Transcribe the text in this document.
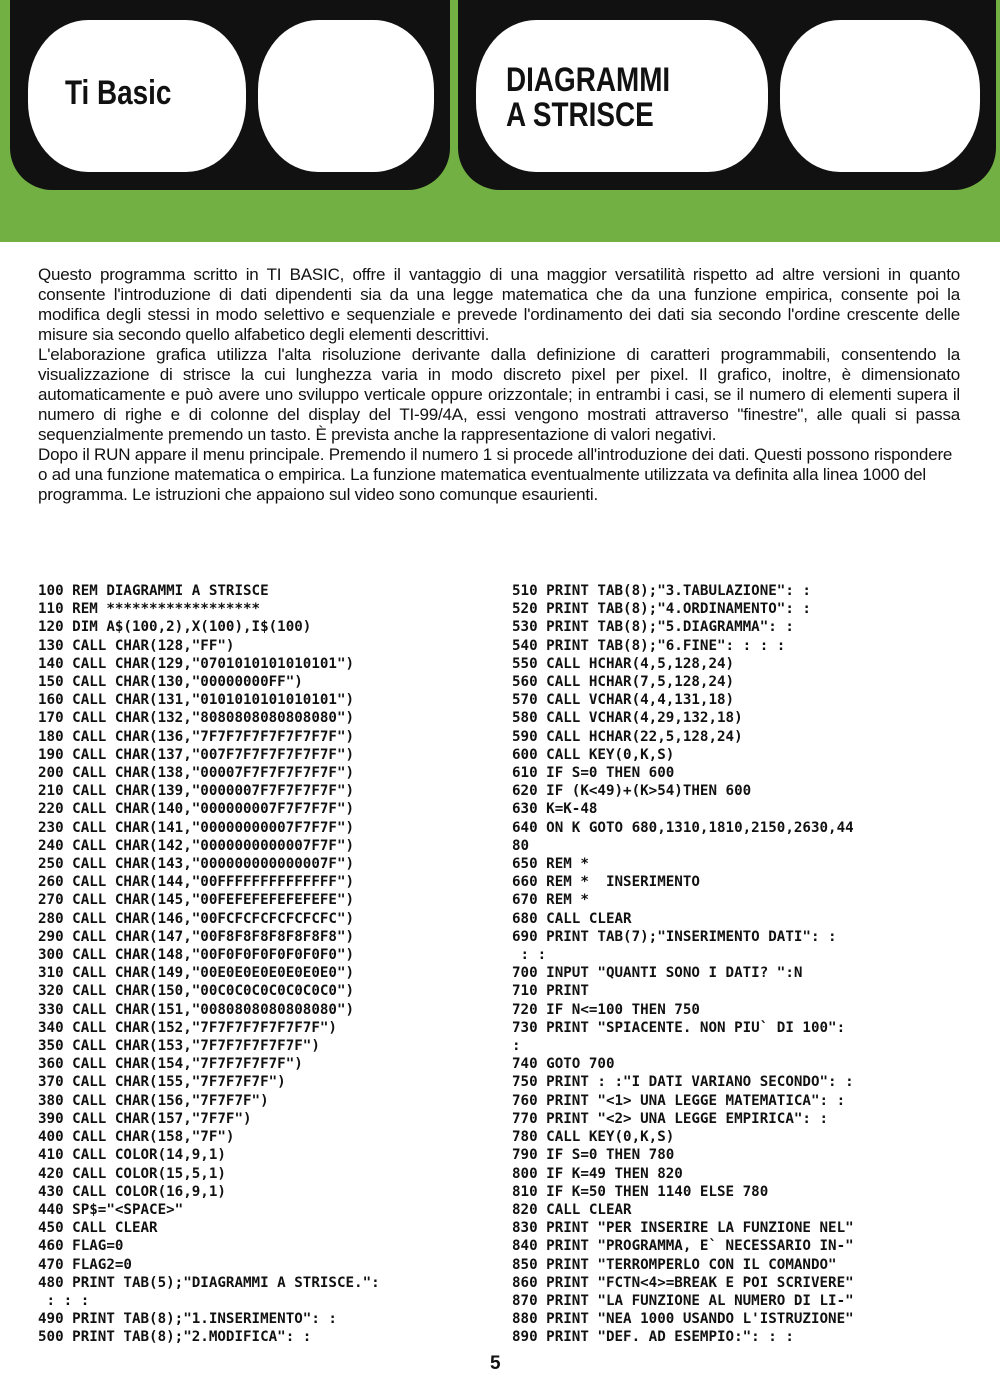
Ti Basic	DIAGRAMMI
A STRISCE

Questo programma scritto in TI BASIC, offre il vantaggio di una maggior versatilità rispetto ad altre versioni in quanto consente l'introduzione di dati dipendenti sia da una legge matematica che da una funzione empirica, consente poi la modifica degli stessi in modo selettivo e sequenziale e prevede l'ordinamento dei dati sia secondo l'ordine crescente delle misure sia secondo quello alfabetico degli elementi descrittivi.

L'elaborazione grafica utilizza l'alta risoluzione derivante dalla definizione di caratteri programmabili, consentendo la visualizzazione di strisce la cui lunghezza varia in modo discreto pixel per pixel. Il grafico, inoltre, è dimensionato automaticamente e può avere uno sviluppo verticale oppure orizzontale; in entrambi i casi, se il numero di elementi supera il numero di righe e di colonne del display del TI-99/4A, essi vengono mostrati attraverso "finestre", alle quali si passa sequenzialmente premendo un tasto. È prevista anche la rappresentazione di valori negativi.

Dopo il RUN appare il menu principale. Premendo il numero 1 si procede all'introduzione dei dati. Questi possono rispondere o ad una funzione matematica o empirica. La funzione matematica eventualmente utilizzata va definita alla linea 1000 del programma. Le istruzioni che appaiono sul video sono comunque esaurienti.

100 REM DIAGRAMMI A STRISCE
110 REM ******************
120 DIM A$(100,2),X(100),I$(100)
130 CALL CHAR(128,"FF")
140 CALL CHAR(129,"0701010101010101")
150 CALL CHAR(130,"00000000FF")
160 CALL CHAR(131,"0101010101010101")
170 CALL CHAR(132,"8080808080808080")
180 CALL CHAR(136,"7F7F7F7F7F7F7F7F")
190 CALL CHAR(137,"007F7F7F7F7F7F7F")
200 CALL CHAR(138,"00007F7F7F7F7F7F")
210 CALL CHAR(139,"0000007F7F7F7F7F")
220 CALL CHAR(140,"000000007F7F7F7F")
230 CALL CHAR(141,"00000000007F7F7F")
240 CALL CHAR(142,"0000000000007F7F")
250 CALL CHAR(143,"000000000000007F")
260 CALL CHAR(144,"00FFFFFFFFFFFFFF")
270 CALL CHAR(145,"00FEFEFEFEFEFEFE")
280 CALL CHAR(146,"00FCFCFCFCFCFCFC")
290 CALL CHAR(147,"00F8F8F8F8F8F8F8")
300 CALL CHAR(148,"00F0F0F0F0F0F0F0")
310 CALL CHAR(149,"00E0E0E0E0E0E0E0")
320 CALL CHAR(150,"00C0C0C0C0C0C0C0")
330 CALL CHAR(151,"0080808080808080")
340 CALL CHAR(152,"7F7F7F7F7F7F7F")
350 CALL CHAR(153,"7F7F7F7F7F7F")
360 CALL CHAR(154,"7F7F7F7F7F")
370 CALL CHAR(155,"7F7F7F7F")
380 CALL CHAR(156,"7F7F7F")
390 CALL CHAR(157,"7F7F")
400 CALL CHAR(158,"7F")
410 CALL COLOR(14,9,1)
420 CALL COLOR(15,5,1)
430 CALL COLOR(16,9,1)
440 SP$="<SPACE>"
450 CALL CLEAR
460 FLAG=0
470 FLAG2=0
480 PRINT TAB(5);"DIAGRAMMI A STRISCE.":
: : :
490 PRINT TAB(8);"1.INSERIMENTO": :
500 PRINT TAB(8);"2.MODIFICA": :
510 PRINT TAB(8);"3.TABULAZIONE": :
520 PRINT TAB(8);"4.ORDINAMENTO": :
530 PRINT TAB(8);"5.DIAGRAMMA": :
540 PRINT TAB(8);"6.FINE": : : :
550 CALL HCHAR(4,5,128,24)
560 CALL HCHAR(7,5,128,24)
570 CALL VCHAR(4,4,131,18)
580 CALL VCHAR(4,29,132,18)
590 CALL HCHAR(22,5,128,24)
600 CALL KEY(0,K,S)
610 IF S=0 THEN 600
620 IF (K<49)+(K>54)THEN 600
630 K=K-48
640 ON K GOTO 680,1310,1810,2150,2630,44
80
650 REM *
660 REM *  INSERIMENTO
670 REM *
680 CALL CLEAR
690 PRINT TAB(7);"INSERIMENTO DATI": :
: :
700 INPUT "QUANTI SONO I DATI? ":N
710 PRINT
720 IF N<=100 THEN 750
730 PRINT "SPIACENTE. NON PIU` DI 100":
:
740 GOTO 700
750 PRINT : :"I DATI VARIANO SECONDO": :
760 PRINT "<1> UNA LEGGE MATEMATICA": :
770 PRINT "<2> UNA LEGGE EMPIRICA": :
780 CALL KEY(0,K,S)
790 IF S=0 THEN 780
800 IF K=49 THEN 820
810 IF K=50 THEN 1140 ELSE 780
820 CALL CLEAR
830 PRINT "PER INSERIRE LA FUNZIONE NEL"
840 PRINT "PROGRAMMA, E` NECESSARIO IN-"
850 PRINT "TERROMPERLO CON IL COMANDO"
860 PRINT "FCTN<4>=BREAK E POI SCRIVERE"
870 PRINT "LA FUNZIONE AL NUMERO DI LI-"
880 PRINT "NEA 1000 USANDO L'ISTRUZIONE"
890 PRINT "DEF. AD ESEMPIO:": : :
5
